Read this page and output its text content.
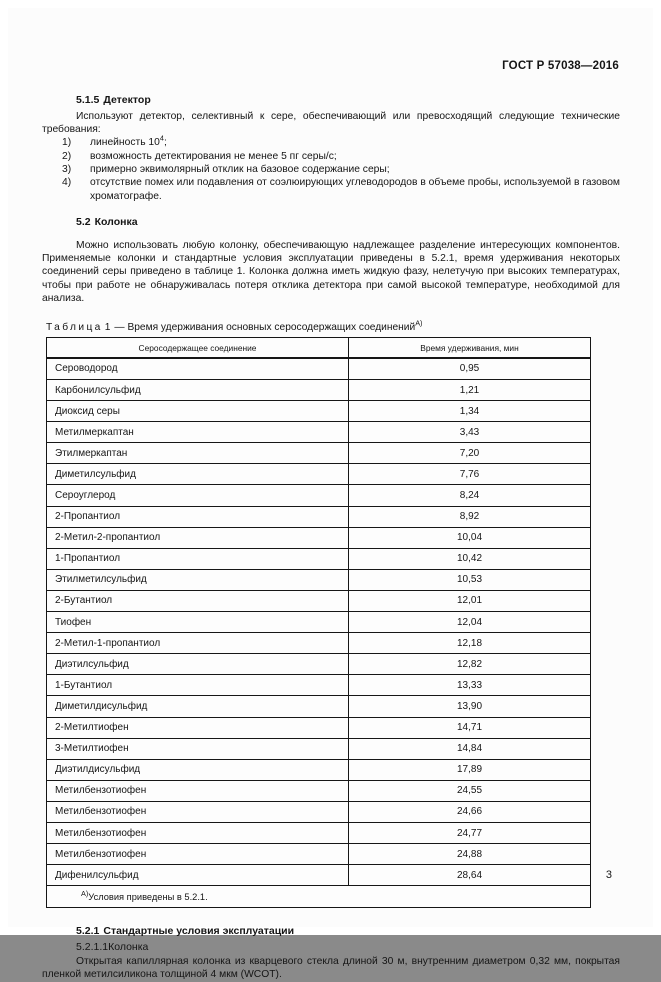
ГОСТ Р 57038—2016
5.1.5 Детектор

Используют детектор, селективный к сере, обеспечивающий или превосходящий следующие технические требования:

1) линейность $10^4$;

2) возможность детектирования не менее 5 пг серы/с;

3) примерно эквимолярный отклик на базовое содержание серы;

4) отсутствие помех или подавления от соэлюирующих углеводородов в объеме пробы, используемой в газовом хроматографе.

5.2 Колонка

Можно использовать любую колонку, обеспечивающую надлежащее разделение интересующих компонентов. Применяемые колонки и стандартные условия эксплуатации приведены в 5.2.1, время удерживания некоторых соединений серы приведено в таблице 1. Колонка должна иметь жидкую фазу, нелетучую при высоких температурах, чтобы при работе не обнаруживалась потеря отклика детектора при самой высокой температуре, необходимой для анализа.

Таблица 1 — Время удерживания основных серосодержащих соединений$^{А)}$
Серосодержащее соединение	Время удерживания, мин
Сероводород	0,95
Карбонилсульфид	1,21
Диоксид серы	1,34
Метилмеркаптан	3,43
Этилмеркаптан	7,20
Диметилсульфид	7,76
Сероуглерод	8,24
2-Пропантиол	8,92
2-Метил-2-пропантиол	10,04
1-Пропантиол	10,42
Этилметилсульфид	10,53
2-Бутантиол	12,01
Тиофен	12,04
2-Метил-1-пропантиол	12,18
Диэтилсульфид	12,82
1-Бутантиол	13,33
Диметилдисульфид	13,90
2-Метилтиофен	14,71
3-Метилтиофен	14,84
Диэтилдисульфид	17,89
Метилбензотиофен	24,55
Метилбензотиофен	24,66
Метилбензотиофен	24,77
Метилбензотиофен	24,88
Дифенилсульфид	28,64
$^{А)}$Условия приведены в 5.2.1.	
5.2.1 Стандартные условия эксплуатации
5.2.1.1Колонка

Открытая капиллярная колонка из кварцевого стекла длиной 30 м, внутренним диаметром 0,32 мм, покрытая пленкой метилсиликона толщиной 4 мкм (WCOT).

3
